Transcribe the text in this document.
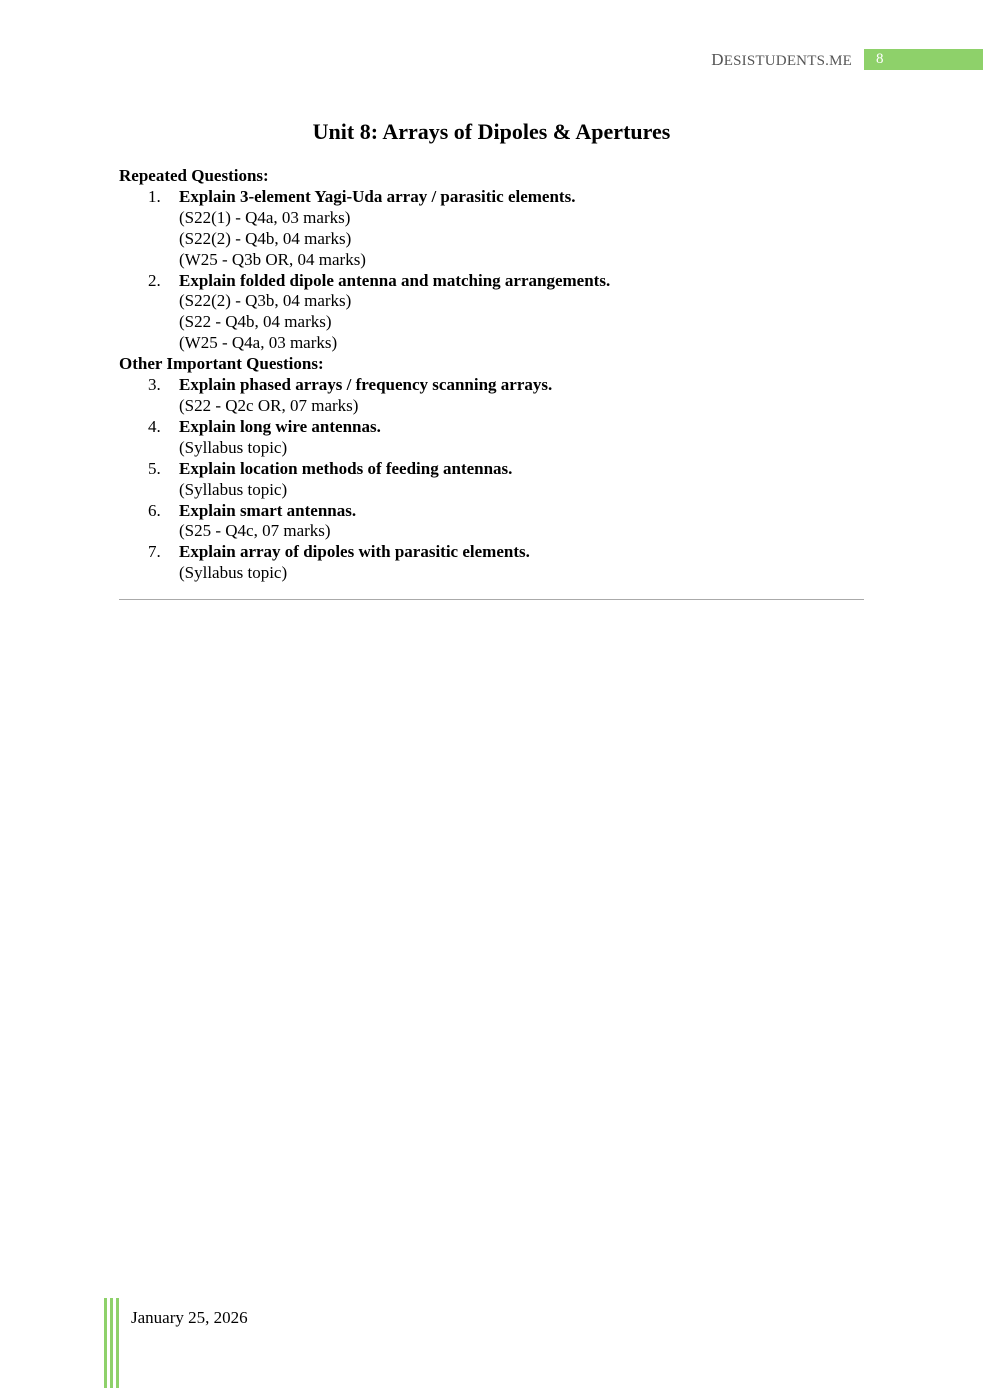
DESISTUDENTS.ME	8
Unit 8: Arrays of Dipoles & Apertures
Repeated Questions:
1. Explain 3-element Yagi-Uda array / parasitic elements.
(S22(1) - Q4a, 03 marks)
(S22(2) - Q4b, 04 marks)
(W25 - Q3b OR, 04 marks)
2. Explain folded dipole antenna and matching arrangements.
(S22(2) - Q3b, 04 marks)
(S22 - Q4b, 04 marks)
(W25 - Q4a, 03 marks)
Other Important Questions:
3. Explain phased arrays / frequency scanning arrays.
(S22 - Q2c OR, 07 marks)
4. Explain long wire antennas.
(Syllabus topic)
5. Explain location methods of feeding antennas.
(Syllabus topic)
6. Explain smart antennas.
(S25 - Q4c, 07 marks)
7. Explain array of dipoles with parasitic elements.
(Syllabus topic)
January 25, 2026
